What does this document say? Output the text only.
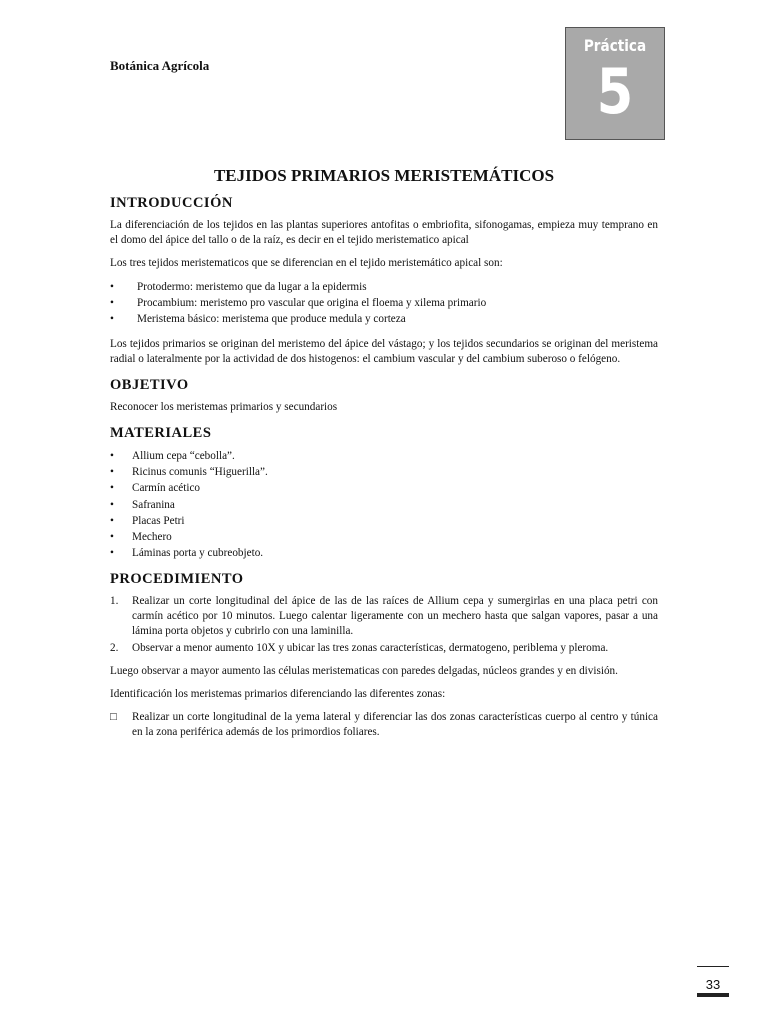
Botánica Agrícola
Práctica
5
TEJIDOS PRIMARIOS MERISTEMÁTICOS
INTRODUCCIÓN

La diferenciación de los tejidos en las plantas superiores antofitas o embriofita, sifonogamas, empieza muy temprano en el domo del ápice del tallo o de la raíz, es decir en el tejido meristematico apical

Los tres tejidos meristematicos que se diferencian en el tejido meristemático apical son:

• Protodermo: meristemo que da lugar a la epidermis
• Procambium: meristemo pro vascular que origina el floema y xilema primario
• Meristema básico: meristema que produce medula y corteza

Los tejidos primarios se originan del meristemo del ápice del vástago; y los tejidos secundarios se originan del meristema radial o lateralmente por la actividad de dos histogenos: el cambium vascular y del cambium suberoso o felógeno.

OBJETIVO

Reconocer los meristemas primarios y secundarios

MATERIALES
• Allium cepa “cebolla”.
• Ricinus comunis “Higuerilla”.
• Carmín acético
• Safranina
• Placas Petri
• Mechero
• Láminas porta y cubreobjeto.
PROCEDIMIENTO
1. Realizar un corte longitudinal del ápice de las de las raíces de Allium cepa y sumergirlas en una placa petri con carmín acético por 10 minutos. Luego calentar ligeramente con un mechero hasta que salgan vapores, pasar a una lámina porta objetos y cubrirlo con una laminilla.
2. Observar a menor aumento 10X y ubicar las tres zonas características, dermatogeno, periblema y pleroma.

Luego observar a mayor aumento las células meristematicas con paredes delgadas, núcleos grandes y en división.

Identificación los meristemas primarios diferenciando las diferentes zonas:

□ Realizar un corte longitudinal de la yema lateral y diferenciar las dos zonas características cuerpo al centro y túnica en la zona periférica además de los primordios foliares.
33
